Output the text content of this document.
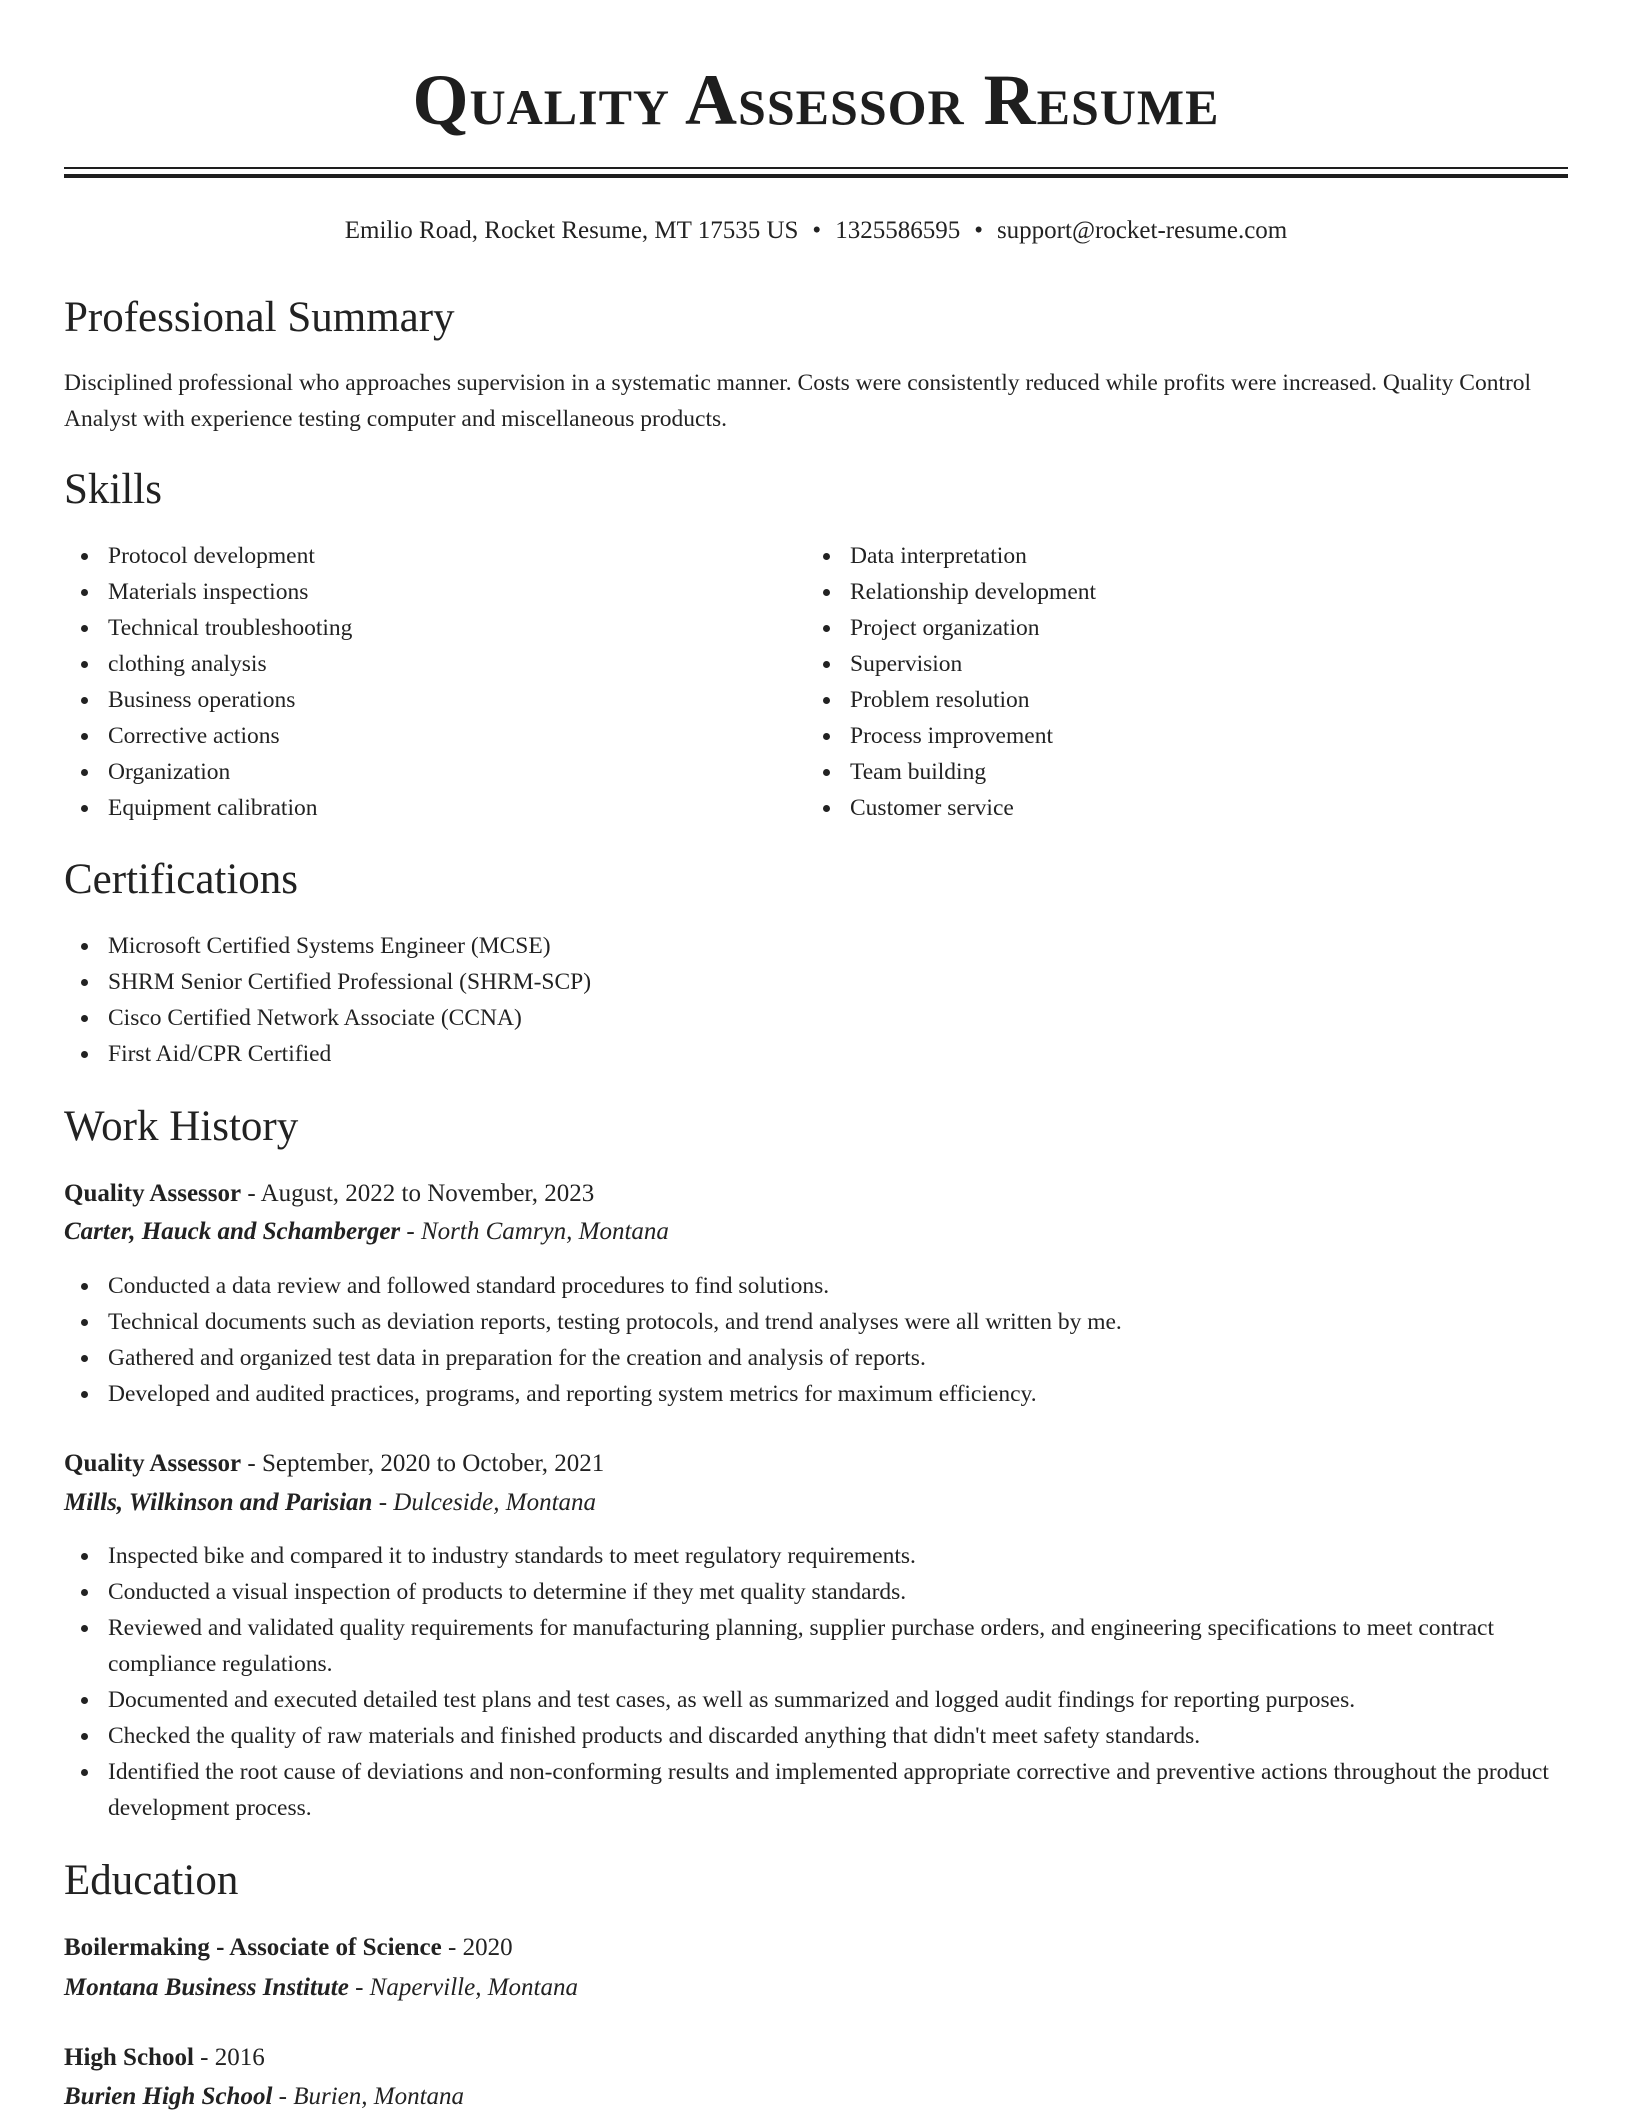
Quality Assessor Resume
Emilio Road, Rocket Resume, MT 17535 US • 1325586595 • support@rocket-resume.com
Professional Summary

Disciplined professional who approaches supervision in a systematic manner. Costs were consistently reduced while profits were increased. Quality Control Analyst with experience testing computer and miscellaneous products.

Skills
Protocol development
Materials inspections
Technical troubleshooting
clothing analysis
Business operations
Corrective actions
Organization
Equipment calibration
Data interpretation
Relationship development
Project organization
Supervision
Problem resolution
Process improvement
Team building
Customer service
Certifications
Microsoft Certified Systems Engineer (MCSE)
SHRM Senior Certified Professional (SHRM-SCP)
Cisco Certified Network Associate (CCNA)
First Aid/CPR Certified
Work History
Quality Assessor - August, 2022 to November, 2023
Carter, Hauck and Schamberger - North Camryn, Montana
Conducted a data review and followed standard procedures to find solutions.
Technical documents such as deviation reports, testing protocols, and trend analyses were all written by me.
Gathered and organized test data in preparation for the creation and analysis of reports.
Developed and audited practices, programs, and reporting system metrics for maximum efficiency.
Quality Assessor - September, 2020 to October, 2021
Mills, Wilkinson and Parisian - Dulceside, Montana
Inspected bike and compared it to industry standards to meet regulatory requirements.
Conducted a visual inspection of products to determine if they met quality standards.
Reviewed and validated quality requirements for manufacturing planning, supplier purchase orders, and engineering specifications to meet contract compliance regulations.
Documented and executed detailed test plans and test cases, as well as summarized and logged audit findings for reporting purposes.
Checked the quality of raw materials and finished products and discarded anything that didn't meet safety standards.
Identified the root cause of deviations and non-conforming results and implemented appropriate corrective and preventive actions throughout the product development process.
Education
Boilermaking - Associate of Science - 2020
Montana Business Institute - Naperville, Montana
High School - 2016
Burien High School - Burien, Montana
